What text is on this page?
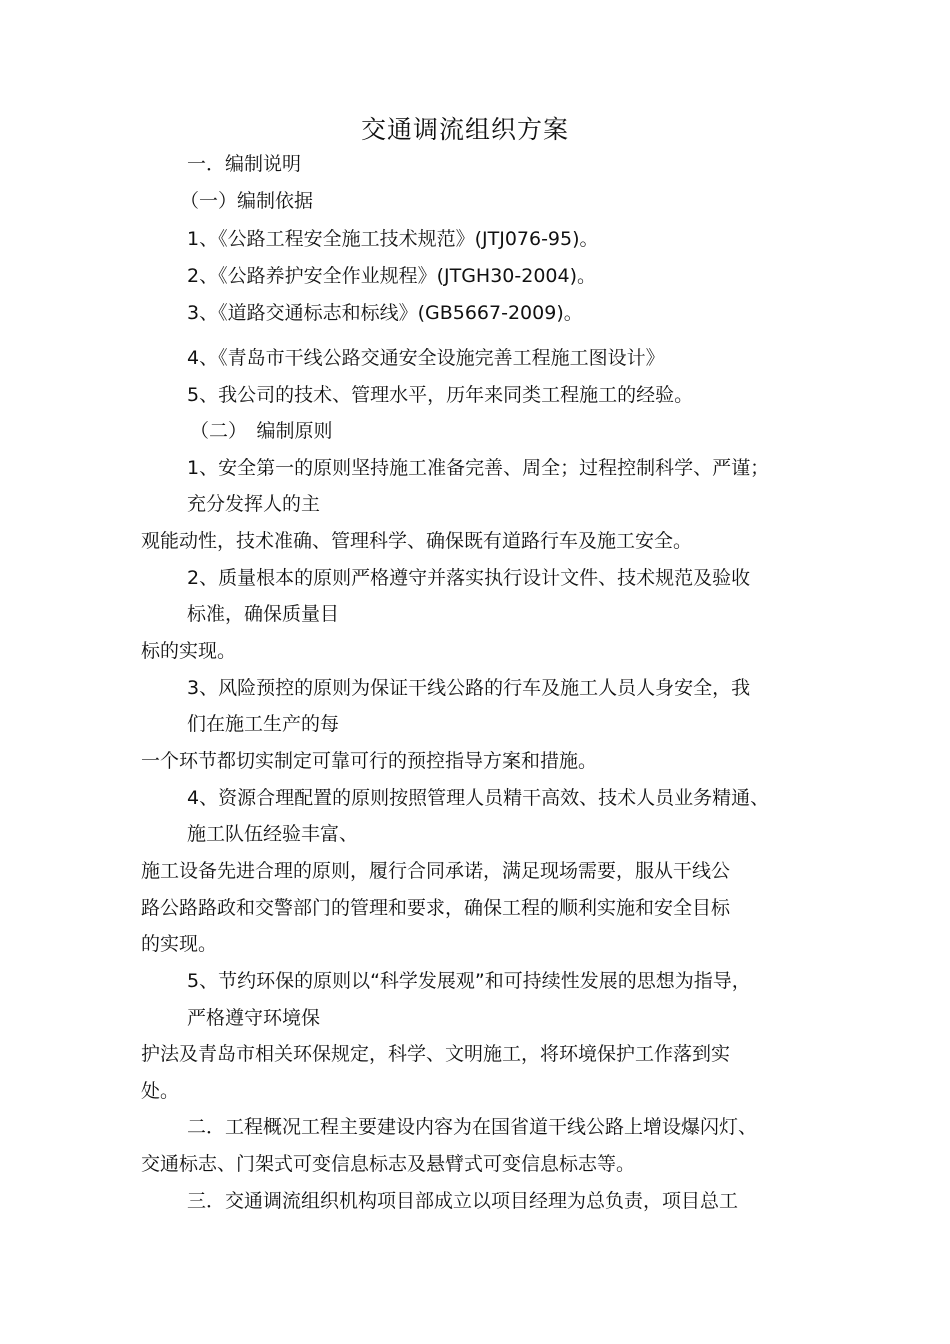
交通调流组织方案
一．编制说明
（一）编制依据
1、《公路工程安全施工技术规范》(JTJ076-95)。
2、《公路养护安全作业规程》(JTGH30-2004)。
3、《道路交通标志和标线》(GB5667-2009)。
4、《青岛市干线公路交通安全设施完善工程施工图设计》
5、我公司的技术、管理水平，历年来同类工程施工的经验。
（二）　编制原则
1、安全第一的原则坚持施工准备完善、周全；过程控制科学、严谨；
充分发挥人的主
观能动性，技术准确、管理科学、确保既有道路行车及施工安全。
2、质量根本的原则严格遵守并落实执行设计文件、技术规范及验收
标准，确保质量目
标的实现。
3、风险预控的原则为保证干线公路的行车及施工人员人身安全，我
们在施工生产的每
一个环节都切实制定可靠可行的预控指导方案和措施。
4、资源合理配置的原则按照管理人员精干高效、技术人员业务精通、
施工队伍经验丰富、
施工设备先进合理的原则，履行合同承诺，满足现场需要，服从干线公
路公路路政和交警部门的管理和要求，确保工程的顺利实施和安全目标
的实现。
5、节约环保的原则以“科学发展观”和可持续性发展的思想为指导，
严格遵守环境保
护法及青岛市相关环保规定，科学、文明施工，将环境保护工作落到实
处。
二．工程概况工程主要建设内容为在国省道干线公路上增设爆闪灯、
交通标志、门架式可变信息标志及悬臂式可变信息标志等。
三．交通调流组织机构项目部成立以项目经理为总负责，项目总工
